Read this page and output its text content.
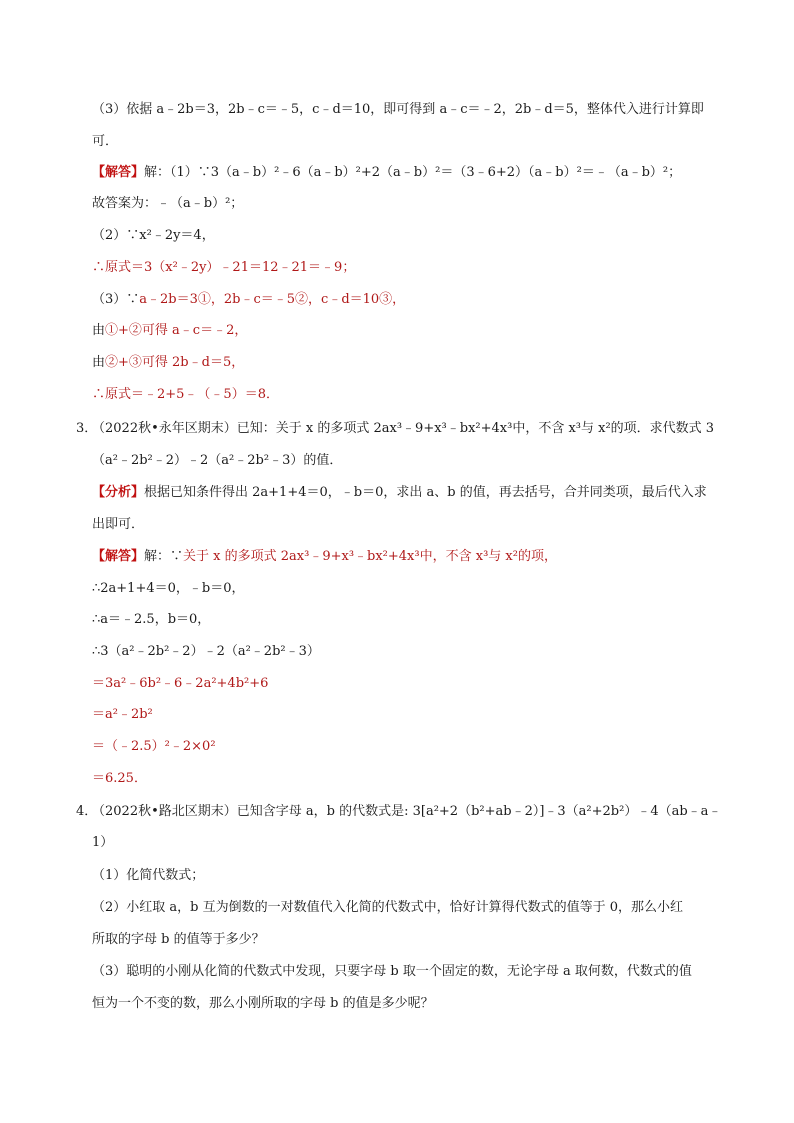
（3）依据 a﹣2b＝3，2b﹣c＝﹣5，c﹣d＝10，即可得到 a﹣c＝﹣2，2b﹣d＝5，整体代入进行计算即
可．
【解答】解：（1）∵3（a﹣b）²﹣6（a﹣b）²+2（a﹣b）²＝（3﹣6+2）（a﹣b）²＝﹣（a﹣b）²；
故答案为：﹣（a﹣b）²；
（2）∵x²﹣2y＝4，
∴原式＝3（x²﹣2y）﹣21＝12﹣21＝﹣9；
（3）∵a﹣2b＝3①，2b﹣c＝﹣5②，c﹣d＝10③，
由①+②可得 a﹣c＝﹣2，
由②+③可得 2b﹣d＝5，
∴原式＝﹣2+5﹣（﹣5）＝8．
3．
（2022秋•永年区期末）已知：关于 x 的多项式 2ax³﹣9+x³﹣bx²+4x³中，不含 x³与 x²的项．求代数式 3
（a²﹣2b²﹣2）﹣2（a²﹣2b²﹣3）的值．
【分析】根据已知条件得出 2a+1+4＝0，﹣b＝0，求出 a、b 的值，再去括号，合并同类项，最后代入求
出即可．
【解答】解：∵关于 x 的多项式 2ax³﹣9+x³﹣bx²+4x³中，不含 x³与 x²的项，
∴2a+1+4＝0，﹣b＝0，
∴a＝﹣2.5，b＝0，
∴3（a²﹣2b²﹣2）﹣2（a²﹣2b²﹣3）
＝3a²﹣6b²﹣6﹣2a²+4b²+6
＝a²﹣2b²
＝（﹣2.5）²﹣2×0²
＝6.25．
4．
（2022秋•路北区期末）已知含字母 a，b 的代数式是: 3[a²+2（b²+ab﹣2）]﹣3（a²+2b²）﹣4（ab﹣a﹣
1）
（1）化简代数式；
（2）小红取 a，b 互为倒数的一对数值代入化简的代数式中，恰好计算得代数式的值等于 0，那么小红
所取的字母 b 的值等于多少？
（3）聪明的小刚从化简的代数式中发现，只要字母 b 取一个固定的数，无论字母 a 取何数，代数式的值
恒为一个不变的数，那么小刚所取的字母 b 的值是多少呢？
